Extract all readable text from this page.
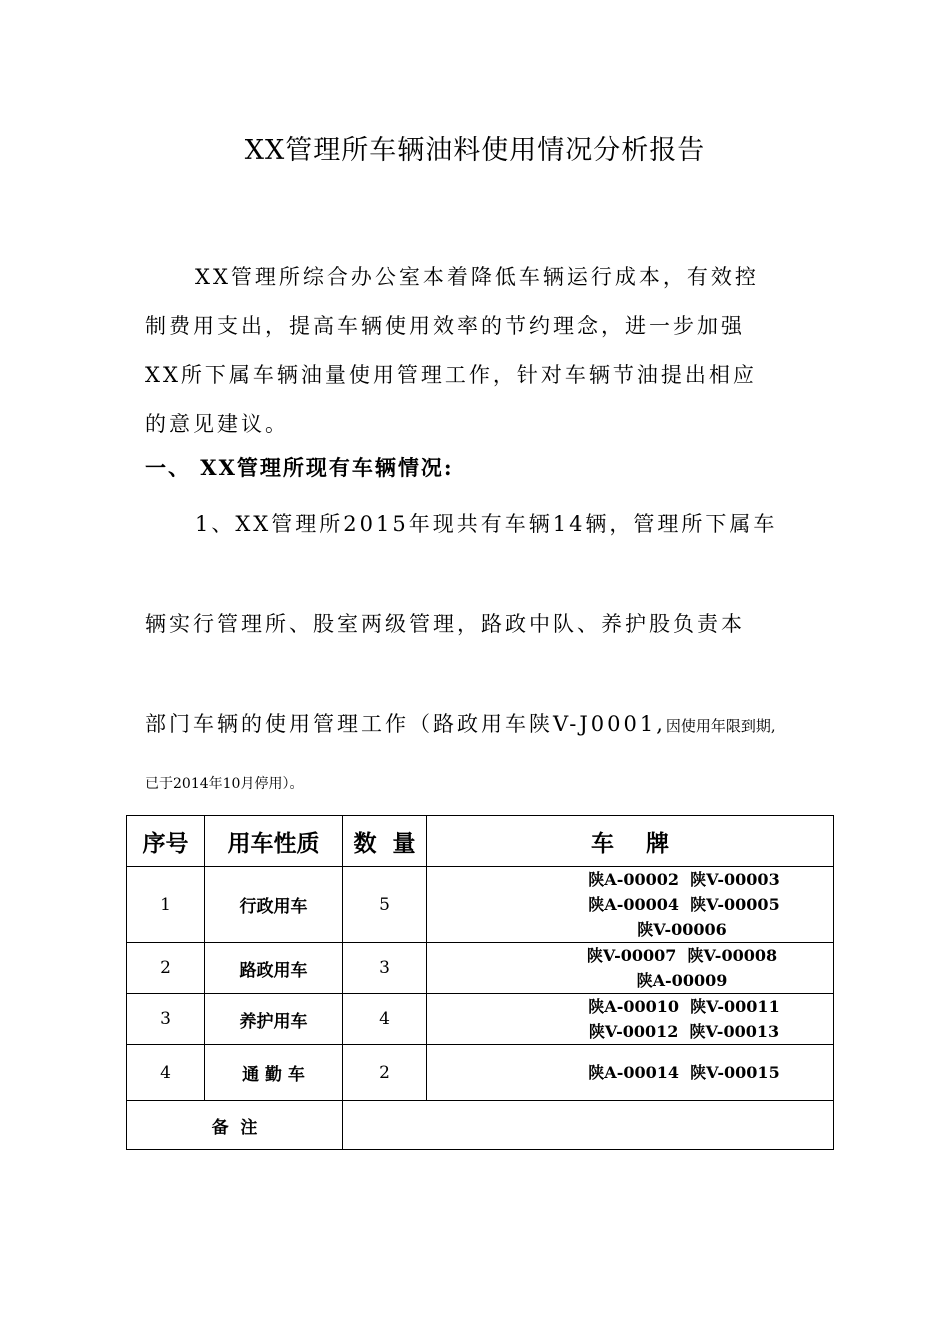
XX管理所车辆油料使用情况分析报告
XX管理所综合办公室本着降低车辆运行成本，有效控
制费用支出，提高车辆使用效率的节约理念，进一步加强
XX所下属车辆油量使用管理工作，针对车辆节油提出相应
的意见建议。
一、 XX管理所现有车辆情况:
1、XX管理所2015年现共有车辆14辆，管理所下属车
辆实行管理所、股室两级管理，路政中队、养护股负责本
部门车辆的使用管理工作（路政用车陕V-J0001,因使用年限到期,
已于2014年10月停用）。
序号	用车性质	数  量	车    牌
1	行政用车	5	陕A-00002  陕V-00003
陕A-00004  陕V-00005
陕V-00006

2	路政用车	3	陕V-00007  陕V-00008
陕A-00009

3	养护用车	4	陕A-00010  陕V-00011
陕V-00012  陕V-00013

4	通 勤 车	2	陕A-00014  陕V-00015

备  注			
